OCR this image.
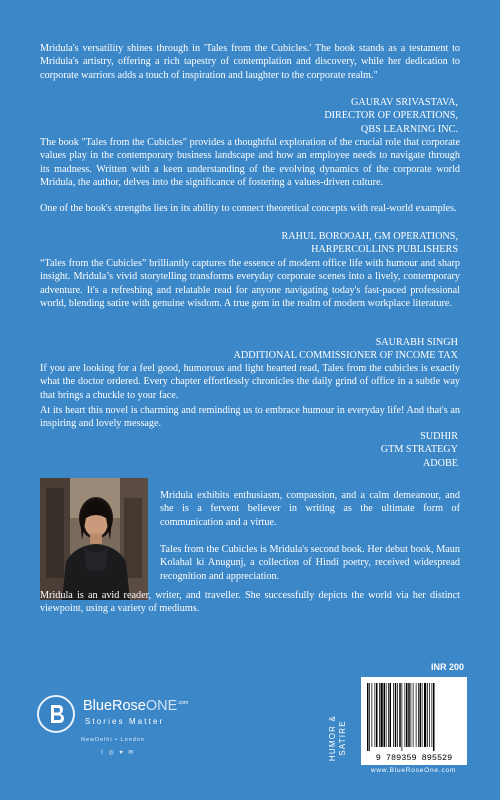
Mridula's versatility shines through in 'Tales from the Cubicles.' The book stands as a testament to Mridula's artistry, offering a rich tapestry of contemplation and discovery, while her dedication to corporate warriors adds a touch of inspiration and laughter to the corporate realm."

GAURAV SRIVASTAVA,
DIRECTOR OF OPERATIONS,
QBS LEARNING INC.

The book "Tales from the Cubicles" provides a thoughtful exploration of the crucial role that corporate values play in the contemporary business landscape and how an employee needs to navigate through its madness. Written with a keen understanding of the evolving dynamics of the corporate world Mridula, the author, delves into the significance of fostering a values-driven culture.

One of the book's strengths lies in its ability to connect theoretical concepts with real-world examples.

RAHUL BOROOAH, GM OPERATIONS,
HARPERCOLLINS PUBLISHERS

“Tales from the Cubicles” brilliantly captures the essence of modern office life with humour and sharp insight. Mridula’s vivid storytelling transforms everyday corporate scenes into a lively, contemporary adventure. It's a refreshing and relatable read for anyone navigating today's fast-paced professional world, blending satire with genuine wisdom. A true gem in the realm of modern workplace literature.

SAURABH SINGH
ADDITIONAL COMMISSIONER OF INCOME TAX

If you are looking for a feel good, humorous and light hearted read, Tales from the cubicles is exactly what the doctor ordered. Every chapter effortlessly chronicles the daily grind of office in a subtle way that brings a chuckle to your face.

At its heart this novel is charming and reminding us to embrace humour in everyday life! And that's an inspiring and lovely message.

SUDHIR
GTM STRATEGY
ADOBE

Mridula exhibits enthusiasm, compassion, and a calm demeanour, and she is a fervent believer in writing as the ultimate form of communication and a virtue.

Tales from the Cubicles is Mridula's second book. Her debut book, Maun Kolahal ki Anugunj, a collection of Hindi poetry, received widespread recognition and appreciation.

Mridula is an avid reader, writer, and traveller. She successfully depicts the world via her distinct viewpoint, using a variety of mediums.

BlueRoseONE$^{.com}$
Stories Matter
NewDelhi • London
f ◎ ♥ ✉	HUMOR & SATIRE
INR 200
9 789359 895529
www.BlueRoseOne.com
